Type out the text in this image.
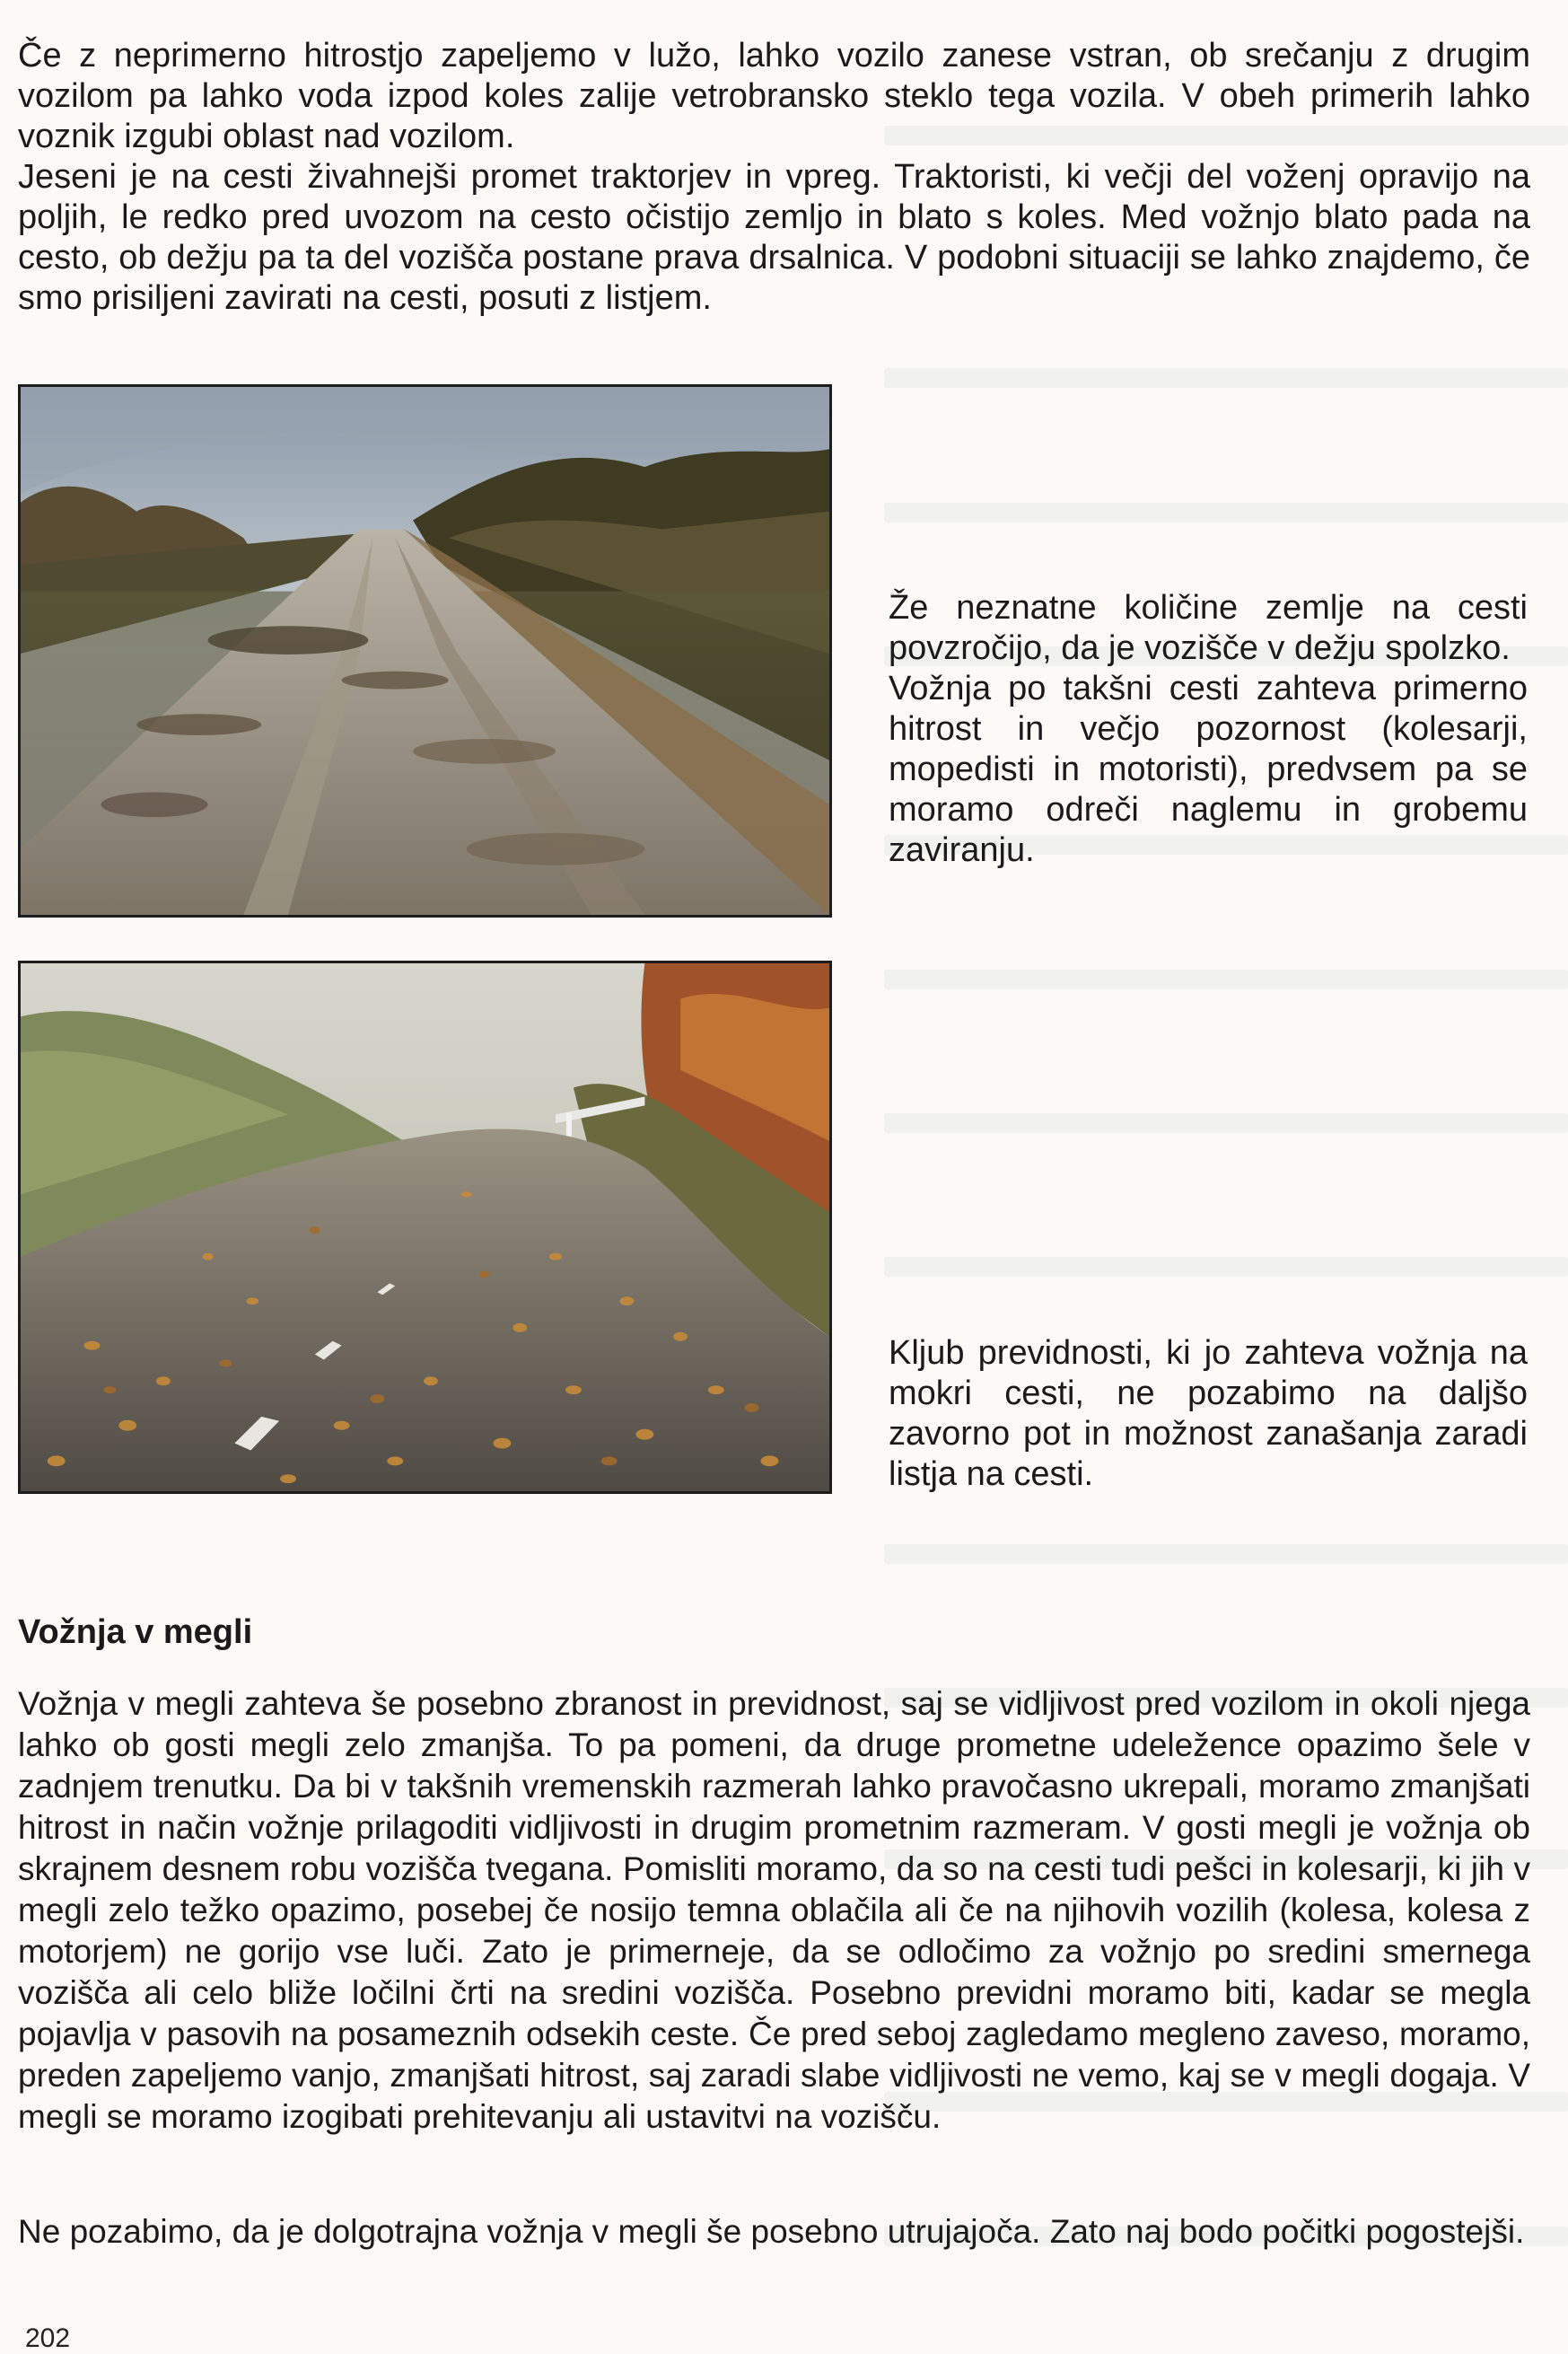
Če z neprimerno hitrostjo zapeljemo v lužo, lahko vozilo zanese vstran, ob srečanju z drugim vozilom pa lahko voda izpod koles zalije vetrobransko steklo tega vozila. V obeh primerih lahko voznik izgubi oblast nad vozilom.

Jeseni je na cesti živahnejši promet traktorjev in vpreg. Traktoristi, ki večji del voženj opravijo na poljih, le redko pred uvozom na cesto očistijo zemljo in blato s koles. Med vožnjo blato pada na cesto, ob dežju pa ta del vozišča postane prava drsalnica. V podobni situaciji se lahko znajdemo, če smo prisiljeni zavirati na cesti, posuti z listjem.

Že neznatne količine zemlje na cesti povzročijo, da je vozišče v dežju spolzko.

Vožnja po takšni cesti zahteva primerno hitrost in večjo pozornost (kolesarji, mopedisti in motoristi), predvsem pa se moramo odreči naglemu in grobemu zaviranju.

Kljub previdnosti, ki jo zahteva vožnja na mokri cesti, ne pozabimo na daljšo zavorno pot in možnost zanašanja zaradi listja na cesti.

Vožnja v megli

Vožnja v megli zahteva še posebno zbranost in previdnost, saj se vidljivost pred vozilom in okoli njega lahko ob gosti megli zelo zmanjša. To pa pomeni, da druge prometne udeležence opazimo šele v zadnjem trenutku. Da bi v takšnih vremenskih razmerah lahko pravočasno ukrepali, moramo zmanjšati hitrost in način vožnje prilagoditi vidljivosti in drugim prometnim razmeram. V gosti megli je vožnja ob skrajnem desnem robu vozišča tvegana. Pomisliti moramo, da so na cesti tudi pešci in kolesarji, ki jih v megli zelo težko opazimo, posebej če nosijo temna oblačila ali če na njihovih vozilih (kolesa, kolesa z motorjem) ne gorijo vse luči. Zato je primerneje, da se odločimo za vožnjo po sredini smernega vozišča ali celo bliže ločilni črti na sredini vozišča. Posebno previdni moramo biti, kadar se megla pojavlja v pasovih na posameznih odsekih ceste. Če pred seboj zagledamo megleno zaveso, moramo, preden zapeljemo vanjo, zmanjšati hitrost, saj zaradi slabe vidljivosti ne vemo, kaj se v megli dogaja. V megli se moramo izogibati prehitevanju ali ustavitvi na vozišču.

Ne pozabimo, da je dolgotrajna vožnja v megli še posebno utrujajoča. Zato naj bodo počitki pogostejši.

202
